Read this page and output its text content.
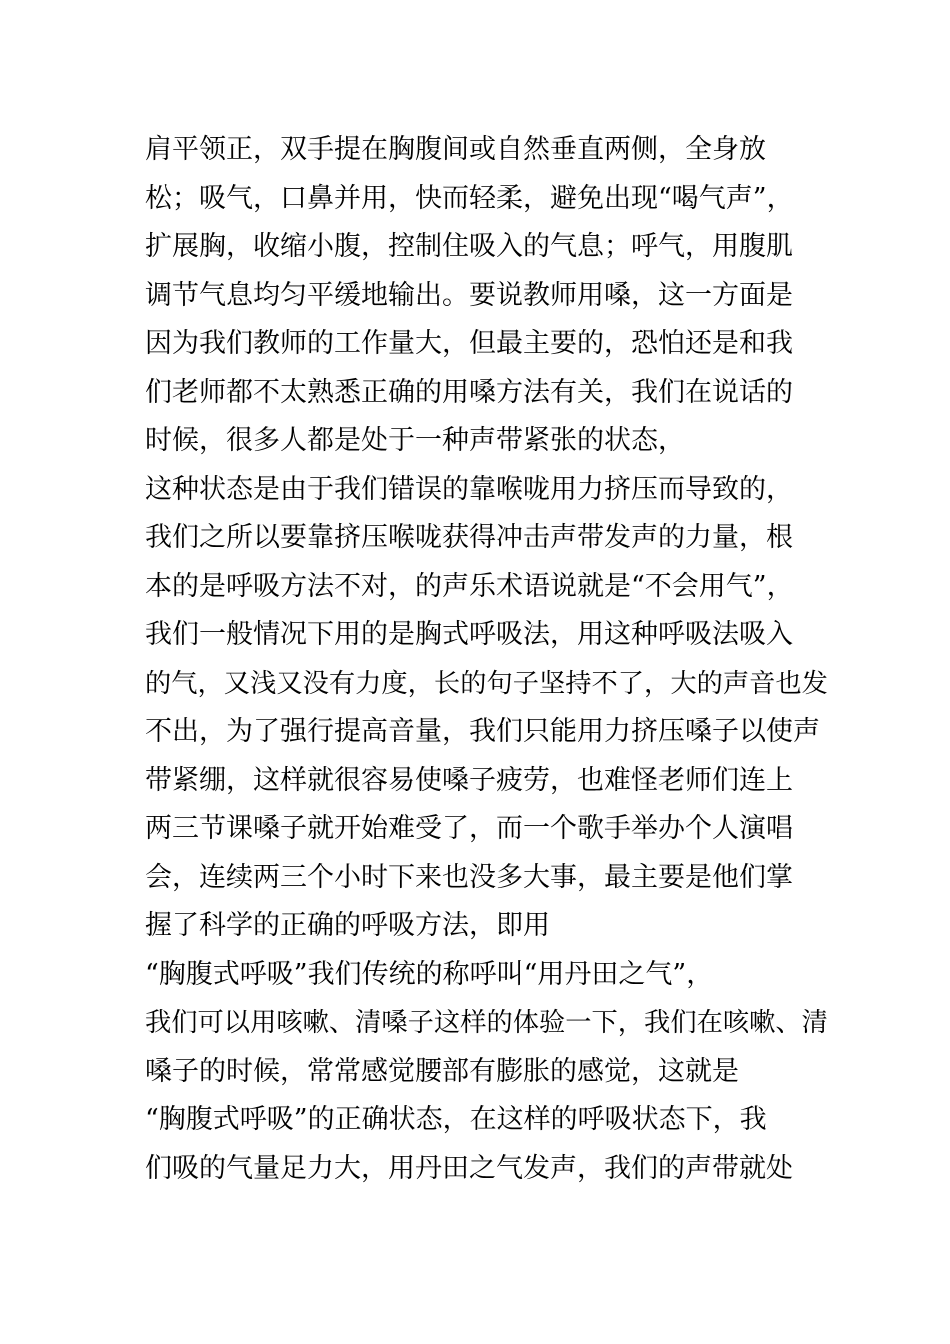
肩平领正，双手提在胸腹间或自然垂直两侧，全身放
松；吸气，口鼻并用，快而轻柔，避免出现“喝气声”，
扩展胸，收缩小腹，控制住吸入的气息；呼气，用腹肌
调节气息均匀平缓地输出。要说教师用嗓，这一方面是
因为我们教师的工作量大，但最主要的，恐怕还是和我
们老师都不太熟悉正确的用嗓方法有关，我们在说话的
时候，很多人都是处于一种声带紧张的状态，
这种状态是由于我们错误的靠喉咙用力挤压而导致的，
我们之所以要靠挤压喉咙获得冲击声带发声的力量，根
本的是呼吸方法不对，的声乐术语说就是“不会用气”，
我们一般情况下用的是胸式呼吸法，用这种呼吸法吸入
的气，又浅又没有力度，长的句子坚持不了，大的声音也发
不出，为了强行提高音量，我们只能用力挤压嗓子以使声
带紧绷，这样就很容易使嗓子疲劳，也难怪老师们连上
两三节课嗓子就开始难受了，而一个歌手举办个人演唱
会，连续两三个小时下来也没多大事，最主要是他们掌
握了科学的正确的呼吸方法，即用
“胸腹式呼吸”我们传统的称呼叫“用丹田之气”，
我们可以用咳嗽、清嗓子这样的体验一下，我们在咳嗽、清
嗓子的时候，常常感觉腰部有膨胀的感觉，这就是
“胸腹式呼吸”的正确状态，在这样的呼吸状态下，我
们吸的气量足力大，用丹田之气发声，我们的声带就处
